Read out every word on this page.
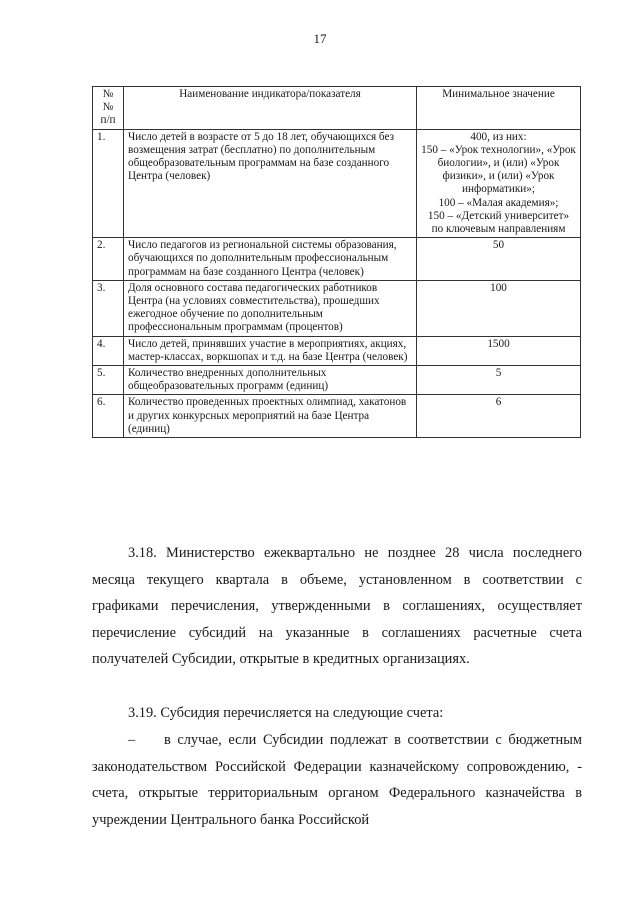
17
№
№
п/п	Наименование индикатора/показателя	Минимальное значение
1.	Число детей в возрасте от 5 до 18 лет, обучающихся без возмещения затрат (бесплатно) по дополнительным общеобразовательным программам на базе созданного Центра (человек)	400, из них:
150 – «Урок технологии», «Урок биологии», и (или) «Урок физики», и (или) «Урок информатики»;
100 – «Малая академия»;
150 – «Детский университет» по ключевым направлениям
2.	Число педагогов из региональной системы образования, обучающихся по дополнительным профессиональным программам на базе созданного Центра (человек)	50
3.	Доля основного состава педагогических работников Центра (на условиях совместительства), прошедших ежегодное обучение по дополнительным профессиональным программам (процентов)	100
4.	Число детей, принявших участие в мероприятиях, акциях, мастер-классах, воркшопах и т.д. на базе Центра (человек)	1500
5.	Количество внедренных дополнительных общеобразовательных программ (единиц)	5
6.	Количество проведенных проектных олимпиад, хакатонов и других конкурсных мероприятий на базе Центра (единиц)	6
3.18. Министерство ежеквартально не позднее 28 числа последнего месяца текущего квартала в объеме, установленном в соответствии с графиками перечисления, утвержденными в соглашениях, осуществляет перечисление субсидий на указанные в соглашениях расчетные счета получателей Субсидии, открытые в кредитных организациях.
3.19. Субсидия перечисляется на следующие счета:
–  в случае, если Субсидии подлежат в соответствии с бюджетным законодательством Российской Федерации казначейскому сопровождению, - счета, открытые территориальным органом Федерального казначейства в учреждении Центрального банка Российской
